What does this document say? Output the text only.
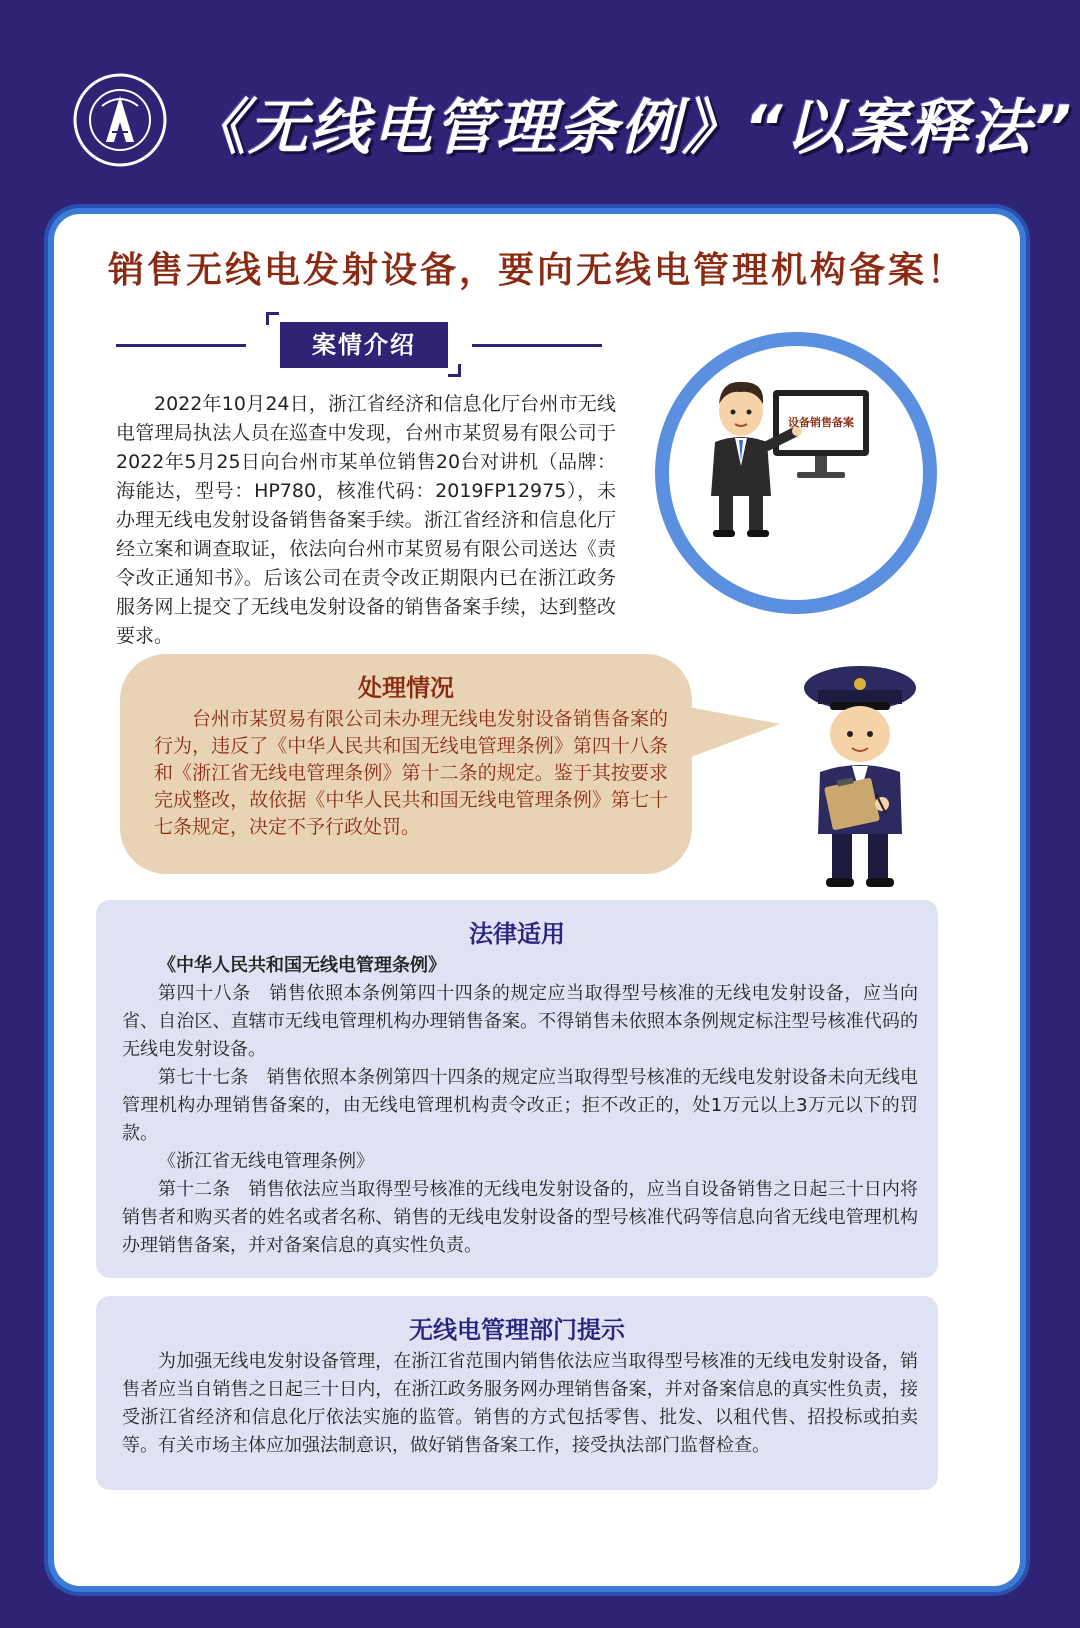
《无线电管理条例》“以案释法”
销售无线电发射设备，要向无线电管理机构备案！
案情介绍
2022年10月24日，浙江省经济和信息化厅台州市无线电管理局执法人员在巡查中发现，台州市某贸易有限公司于2022年5月25日向台州市某单位销售20台对讲机（品牌：海能达，型号：HP780，核准代码：2019FP12975），未办理无线电发射设备销售备案手续。浙江省经济和信息化厅经立案和调查取证，依法向台州市某贸易有限公司送达《责令改正通知书》。后该公司在责令改正期限内已在浙江政务服务网上提交了无线电发射设备的销售备案手续，达到整改要求。
设备销售备案
处理情况
台州市某贸易有限公司未办理无线电发射设备销售备案的行为，违反了《中华人民共和国无线电管理条例》第四十八条和《浙江省无线电管理条例》第十二条的规定。鉴于其按要求完成整改，故依据《中华人民共和国无线电管理条例》第七十七条规定，决定不予行政处罚。
法律适用

《中华人民共和国无线电管理条例》

第四十八条　销售依照本条例第四十四条的规定应当取得型号核准的无线电发射设备，应当向省、自治区、直辖市无线电管理机构办理销售备案。不得销售未依照本条例规定标注型号核准代码的无线电发射设备。

第七十七条　销售依照本条例第四十四条的规定应当取得型号核准的无线电发射设备未向无线电管理机构办理销售备案的，由无线电管理机构责令改正；拒不改正的，处1万元以上3万元以下的罚款。

《浙江省无线电管理条例》

第十二条　销售依法应当取得型号核准的无线电发射设备的，应当自设备销售之日起三十日内将销售者和购买者的姓名或者名称、销售的无线电发射设备的型号核准代码等信息向省无线电管理机构办理销售备案，并对备案信息的真实性负责。

无线电管理部门提示
为加强无线电发射设备管理，在浙江省范围内销售依法应当取得型号核准的无线电发射设备，销售者应当自销售之日起三十日内，在浙江政务服务网办理销售备案，并对备案信息的真实性负责，接受浙江省经济和信息化厅依法实施的监管。销售的方式包括零售、批发、以租代售、招投标或拍卖等。有关市场主体应加强法制意识，做好销售备案工作，接受执法部门监督检查。
